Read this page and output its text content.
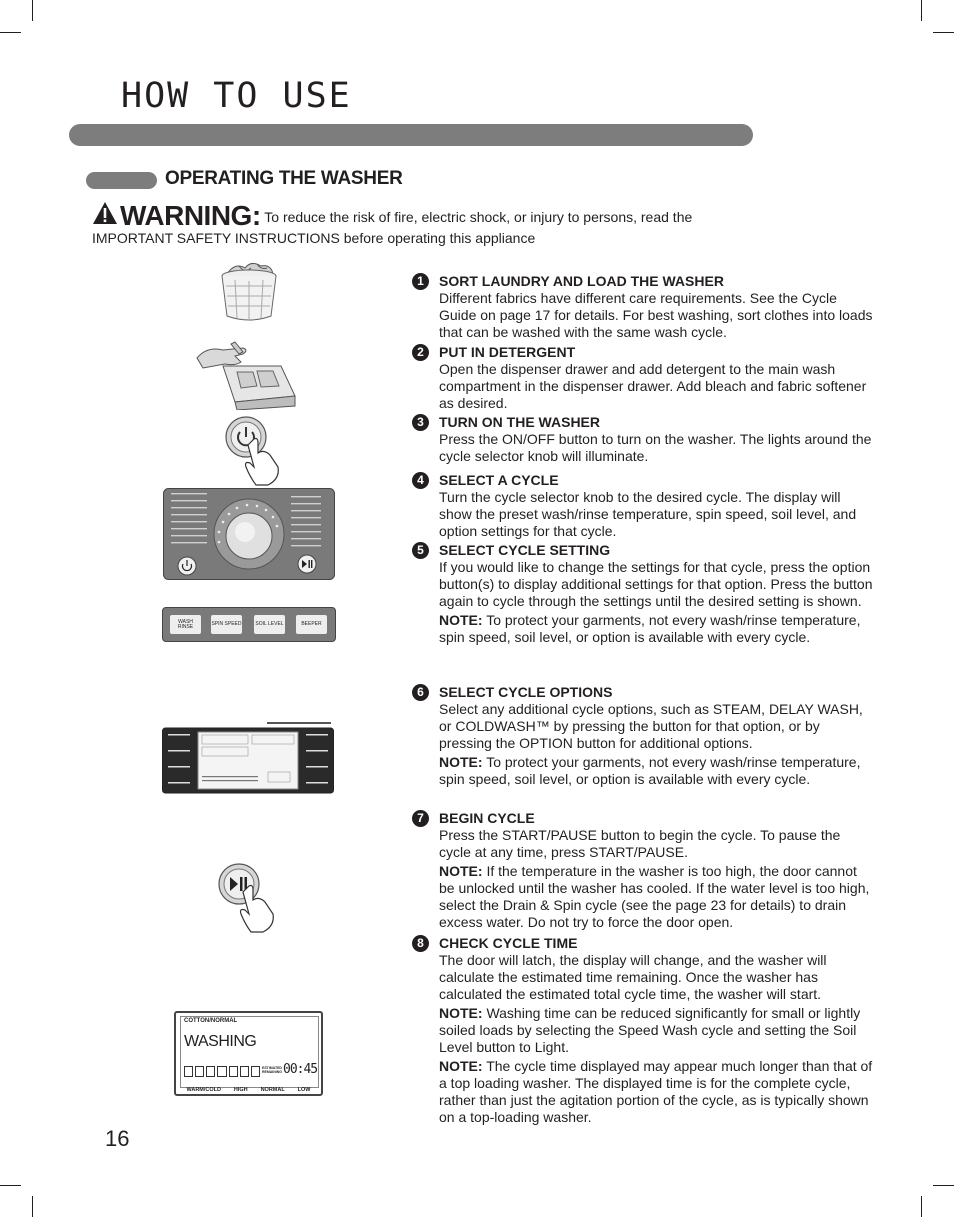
HOW TO USE
OPERATING THE WASHER
WARNING: To reduce the risk of fire, electric shock, or injury to persons, read the
IMPORTANT SAFETY INSTRUCTIONS before operating this appliance
1	SORT LAUNDRY AND LOAD THE WASHER

Different fabrics have different care requirements. See the Cycle Guide on page 17 for details. For best washing, sort clothes into loads that can be washed with the same wash cycle.

2	PUT IN DETERGENT

Open the dispenser drawer and add detergent to the main wash compartment in the dispenser drawer. Add bleach and fabric softener as desired.

3	TURN ON THE WASHER

Press the ON/OFF button to turn on the washer. The lights around the cycle selector knob will illuminate.

4	SELECT A CYCLE

Turn the cycle selector knob to the desired cycle. The display will show the preset wash/rinse temperature, spin speed, soil level, and option settings for that cycle.

5	SELECT CYCLE SETTING

If you would like to change the settings for that cycle, press the option button(s) to display additional settings for that option. Press the button again to cycle through the settings until the desired setting is shown.

NOTE: To protect your garments, not every wash/rinse temperature, spin speed, soil level, or option is available with every cycle.

6	SELECT CYCLE OPTIONS

Select any additional cycle options, such as STEAM, DELAY WASH, or COLDWASH™ by pressing the button for that option, or by pressing the OPTION button for additional options.

NOTE: To protect your garments, not every wash/rinse temperature, spin speed, soil level, or option is available with every cycle.

7	BEGIN CYCLE

Press the START/PAUSE button to begin the cycle. To pause the cycle at any time, press START/PAUSE.

NOTE: If the temperature in the washer is too high, the door cannot be unlocked until the washer has cooled. If the water level is too high, select the Drain & Spin cycle (see the page 23 for details) to drain excess water. Do not try to force the door open.

8	CHECK CYCLE TIME

The door will latch, the display will change, and the washer will calculate the estimated time remaining. Once the washer has calculated the estimated total cycle time, the washer will start.

NOTE: Washing time can be reduced significantly for small or lightly soiled loads by selecting the Speed Wash cycle and setting the Soil Level button to Light.

NOTE: The cycle time displayed may appear much longer than that of a top loading washer. The displayed time is for the complete cycle, rather than just the agitation portion of the cycle, as is typically shown on a top-loading washer.

WASH RINSE	SPIN SPEED	SOIL LEVEL	BEEPER
COTTON/NORMAL
WASHING
ESTIMATED REMAINING 00:45
WARM/COLD HIGH NORMAL LOW
16
